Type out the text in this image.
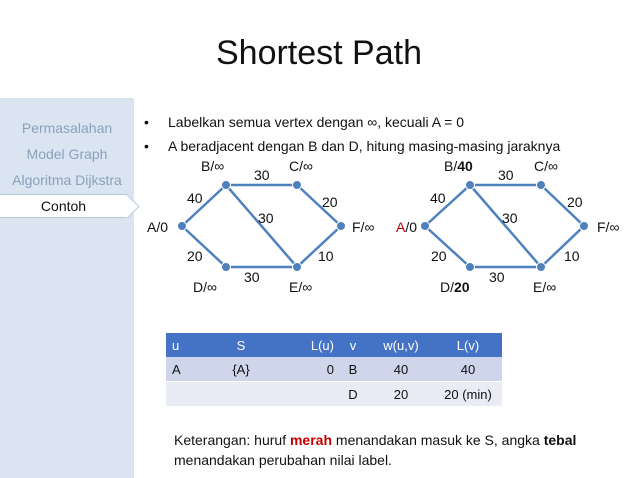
Shortest Path
Permasalahan
Model Graph
Algoritma Dijkstra
Contoh
• Labelkan semua vertex dengan ∞, kecuali A = 0
• A beradjacent dengan B dan D, hitung masing-masing jaraknya
B/∞	C/∞
A/0	F/∞
D/∞	E/∞
40
30
20
30
20
30
10
B/40	C/∞
A/0	F/∞
D/20	E/∞
40
30
20
30
20
30
10
u	S	L(u)	v	w(u,v)	L(v)
A	{A}	0	B	40	40
			D	20	20 (min)
Keterangan: huruf merah menandakan masuk ke S, angka tebal menandakan perubahan nilai label.
